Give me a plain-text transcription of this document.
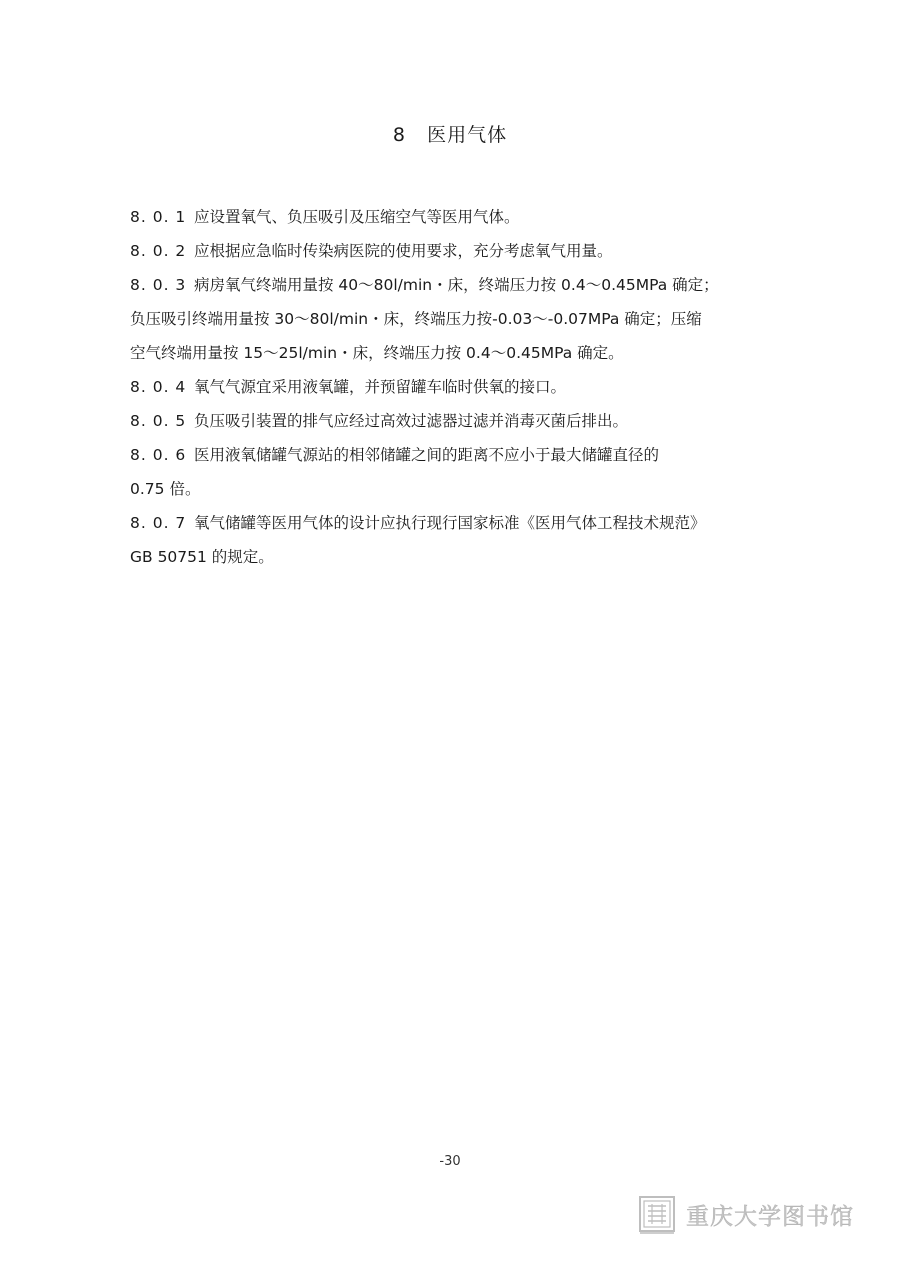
8   医用气体
8. 0. 1 应设置氧气、负压吸引及压缩空气等医用气体。
8. 0. 2 应根据应急临时传染病医院的使用要求，充分考虑氧气用量。
8. 0. 3 病房氧气终端用量按 40～80l/min・床，终端压力按 0.4～0.45MPa 确定；
负压吸引终端用量按 30～80l/min・床，终端压力按-0.03～-0.07MPa 确定；压缩
空气终端用量按 15～25l/min・床，终端压力按 0.4～0.45MPa 确定。
8. 0. 4 氧气气源宜采用液氧罐，并预留罐车临时供氧的接口。
8. 0. 5 负压吸引装置的排气应经过高效过滤器过滤并消毒灭菌后排出。
8. 0. 6 医用液氧储罐气源站的相邻储罐之间的距离不应小于最大储罐直径的
0.75 倍。
8. 0. 7 氧气储罐等医用气体的设计应执行现行国家标准《医用气体工程技术规范》
GB 50751 的规定。
-30
重庆大学图书馆
